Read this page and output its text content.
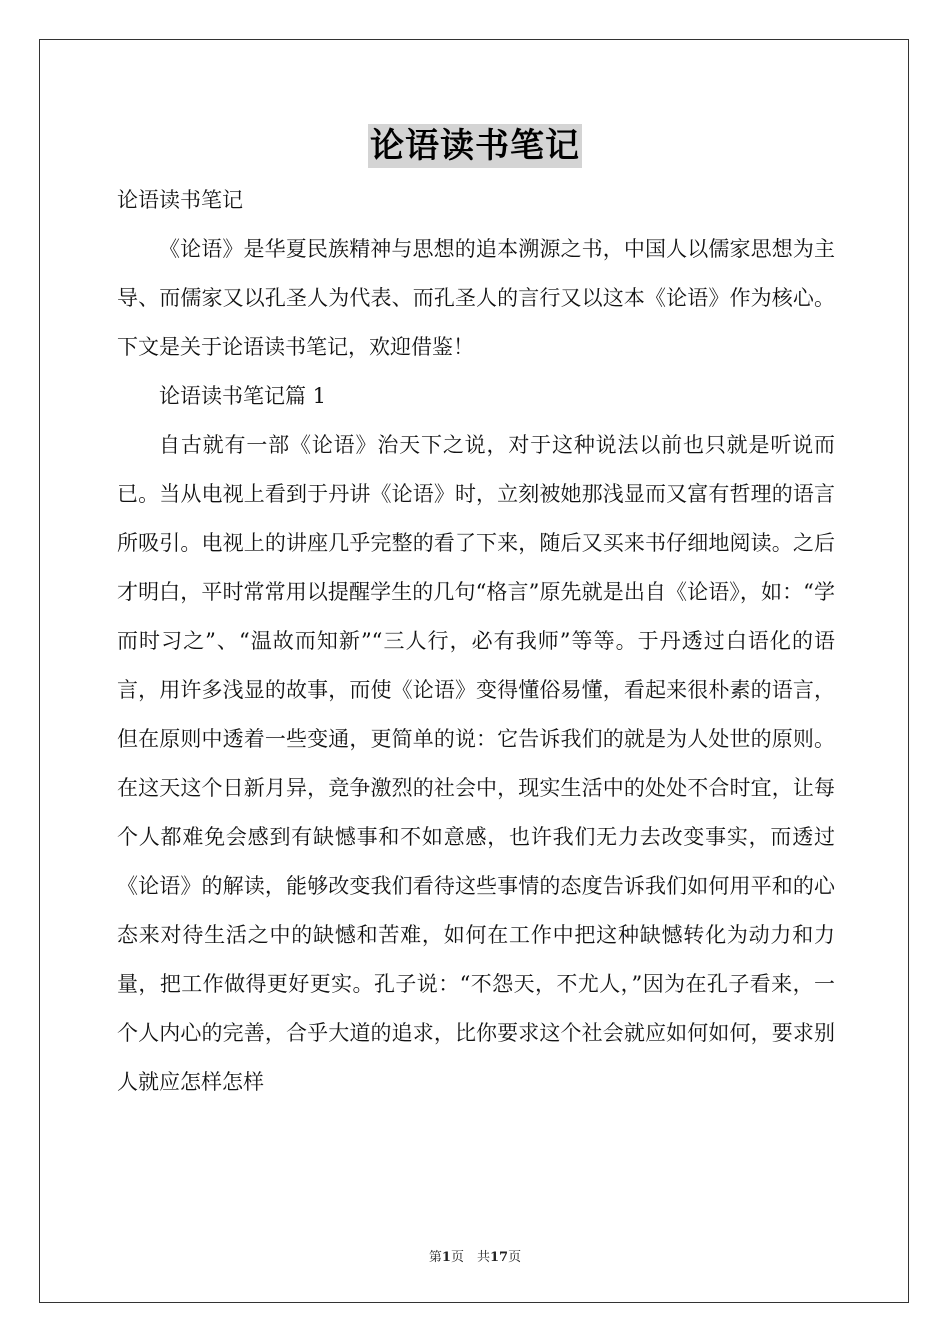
论语读书笔记

论语读书笔记

《论语》是华夏民族精神与思想的追本溯源之书，中国人以儒家思想为主导、而儒家又以孔圣人为代表、而孔圣人的言行又以这本《论语》作为核心。下文是关于论语读书笔记，欢迎借鉴！

论语读书笔记篇 1

自古就有一部《论语》治天下之说，对于这种说法以前也只就是听说而已。当从电视上看到于丹讲《论语》时，立刻被她那浅显而又富有哲理的语言所吸引。电视上的讲座几乎完整的看了下来，随后又买来书仔细地阅读。之后才明白，平时常常用以提醒学生的几句“格言”原先就是出自《论语》，如：“学而时习之”、“温故而知新”“三人行，必有我师”等等。于丹透过白语化的语言，用许多浅显的故事，而使《论语》变得懂俗易懂，看起来很朴素的语言，但在原则中透着一些变通，更简单的说：它告诉我们的就是为人处世的原则。在这天这个日新月异，竞争激烈的社会中，现实生活中的处处不合时宜，让每个人都难免会感到有缺憾事和不如意感，也许我们无力去改变事实，而透过《论语》的解读，能够改变我们看待这些事情的态度告诉我们如何用平和的心态来对待生活之中的缺憾和苦难，如何在工作中把这种缺憾转化为动力和力量，把工作做得更好更实。孔子说：“不怨天，不尤人，”因为在孔子看来，一个人内心的完善，合乎大道的追求，比你要求这个社会就应如何如何，要求别人就应怎样怎样

第1页　共17页
